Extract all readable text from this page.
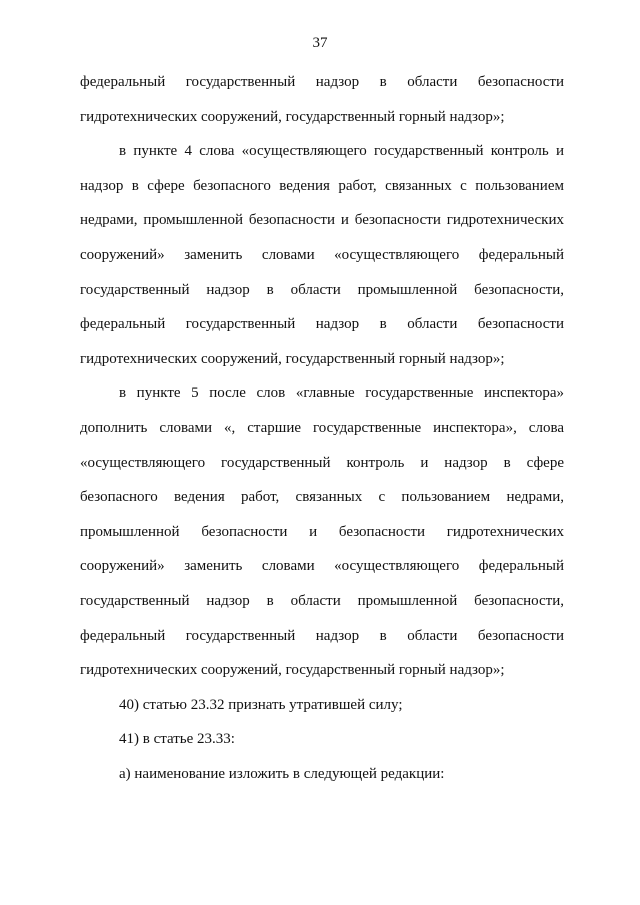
37
федеральный государственный надзор в области безопасности
гидротехнических сооружений, государственный горный надзор»;
в пункте 4 слова «осуществляющего государственный контроль и
надзор в сфере безопасного ведения работ, связанных с пользованием
недрами, промышленной безопасности и безопасности гидротехнических
сооружений» заменить словами «осуществляющего федеральный
государственный надзор в области промышленной безопасности,
федеральный государственный надзор в области безопасности
гидротехнических сооружений, государственный горный надзор»;
в пункте 5 после слов «главные государственные инспектора»
дополнить словами «, старшие государственные инспектора», слова
«осуществляющего государственный контроль и надзор в сфере
безопасного ведения работ, связанных с пользованием недрами,
промышленной безопасности и безопасности гидротехнических
сооружений» заменить словами «осуществляющего федеральный
государственный надзор в области промышленной безопасности,
федеральный государственный надзор в области безопасности
гидротехнических сооружений, государственный горный надзор»;
40) статью 23.32 признать утратившей силу;
41) в статье 23.33:
а) наименование изложить в следующей редакции:
